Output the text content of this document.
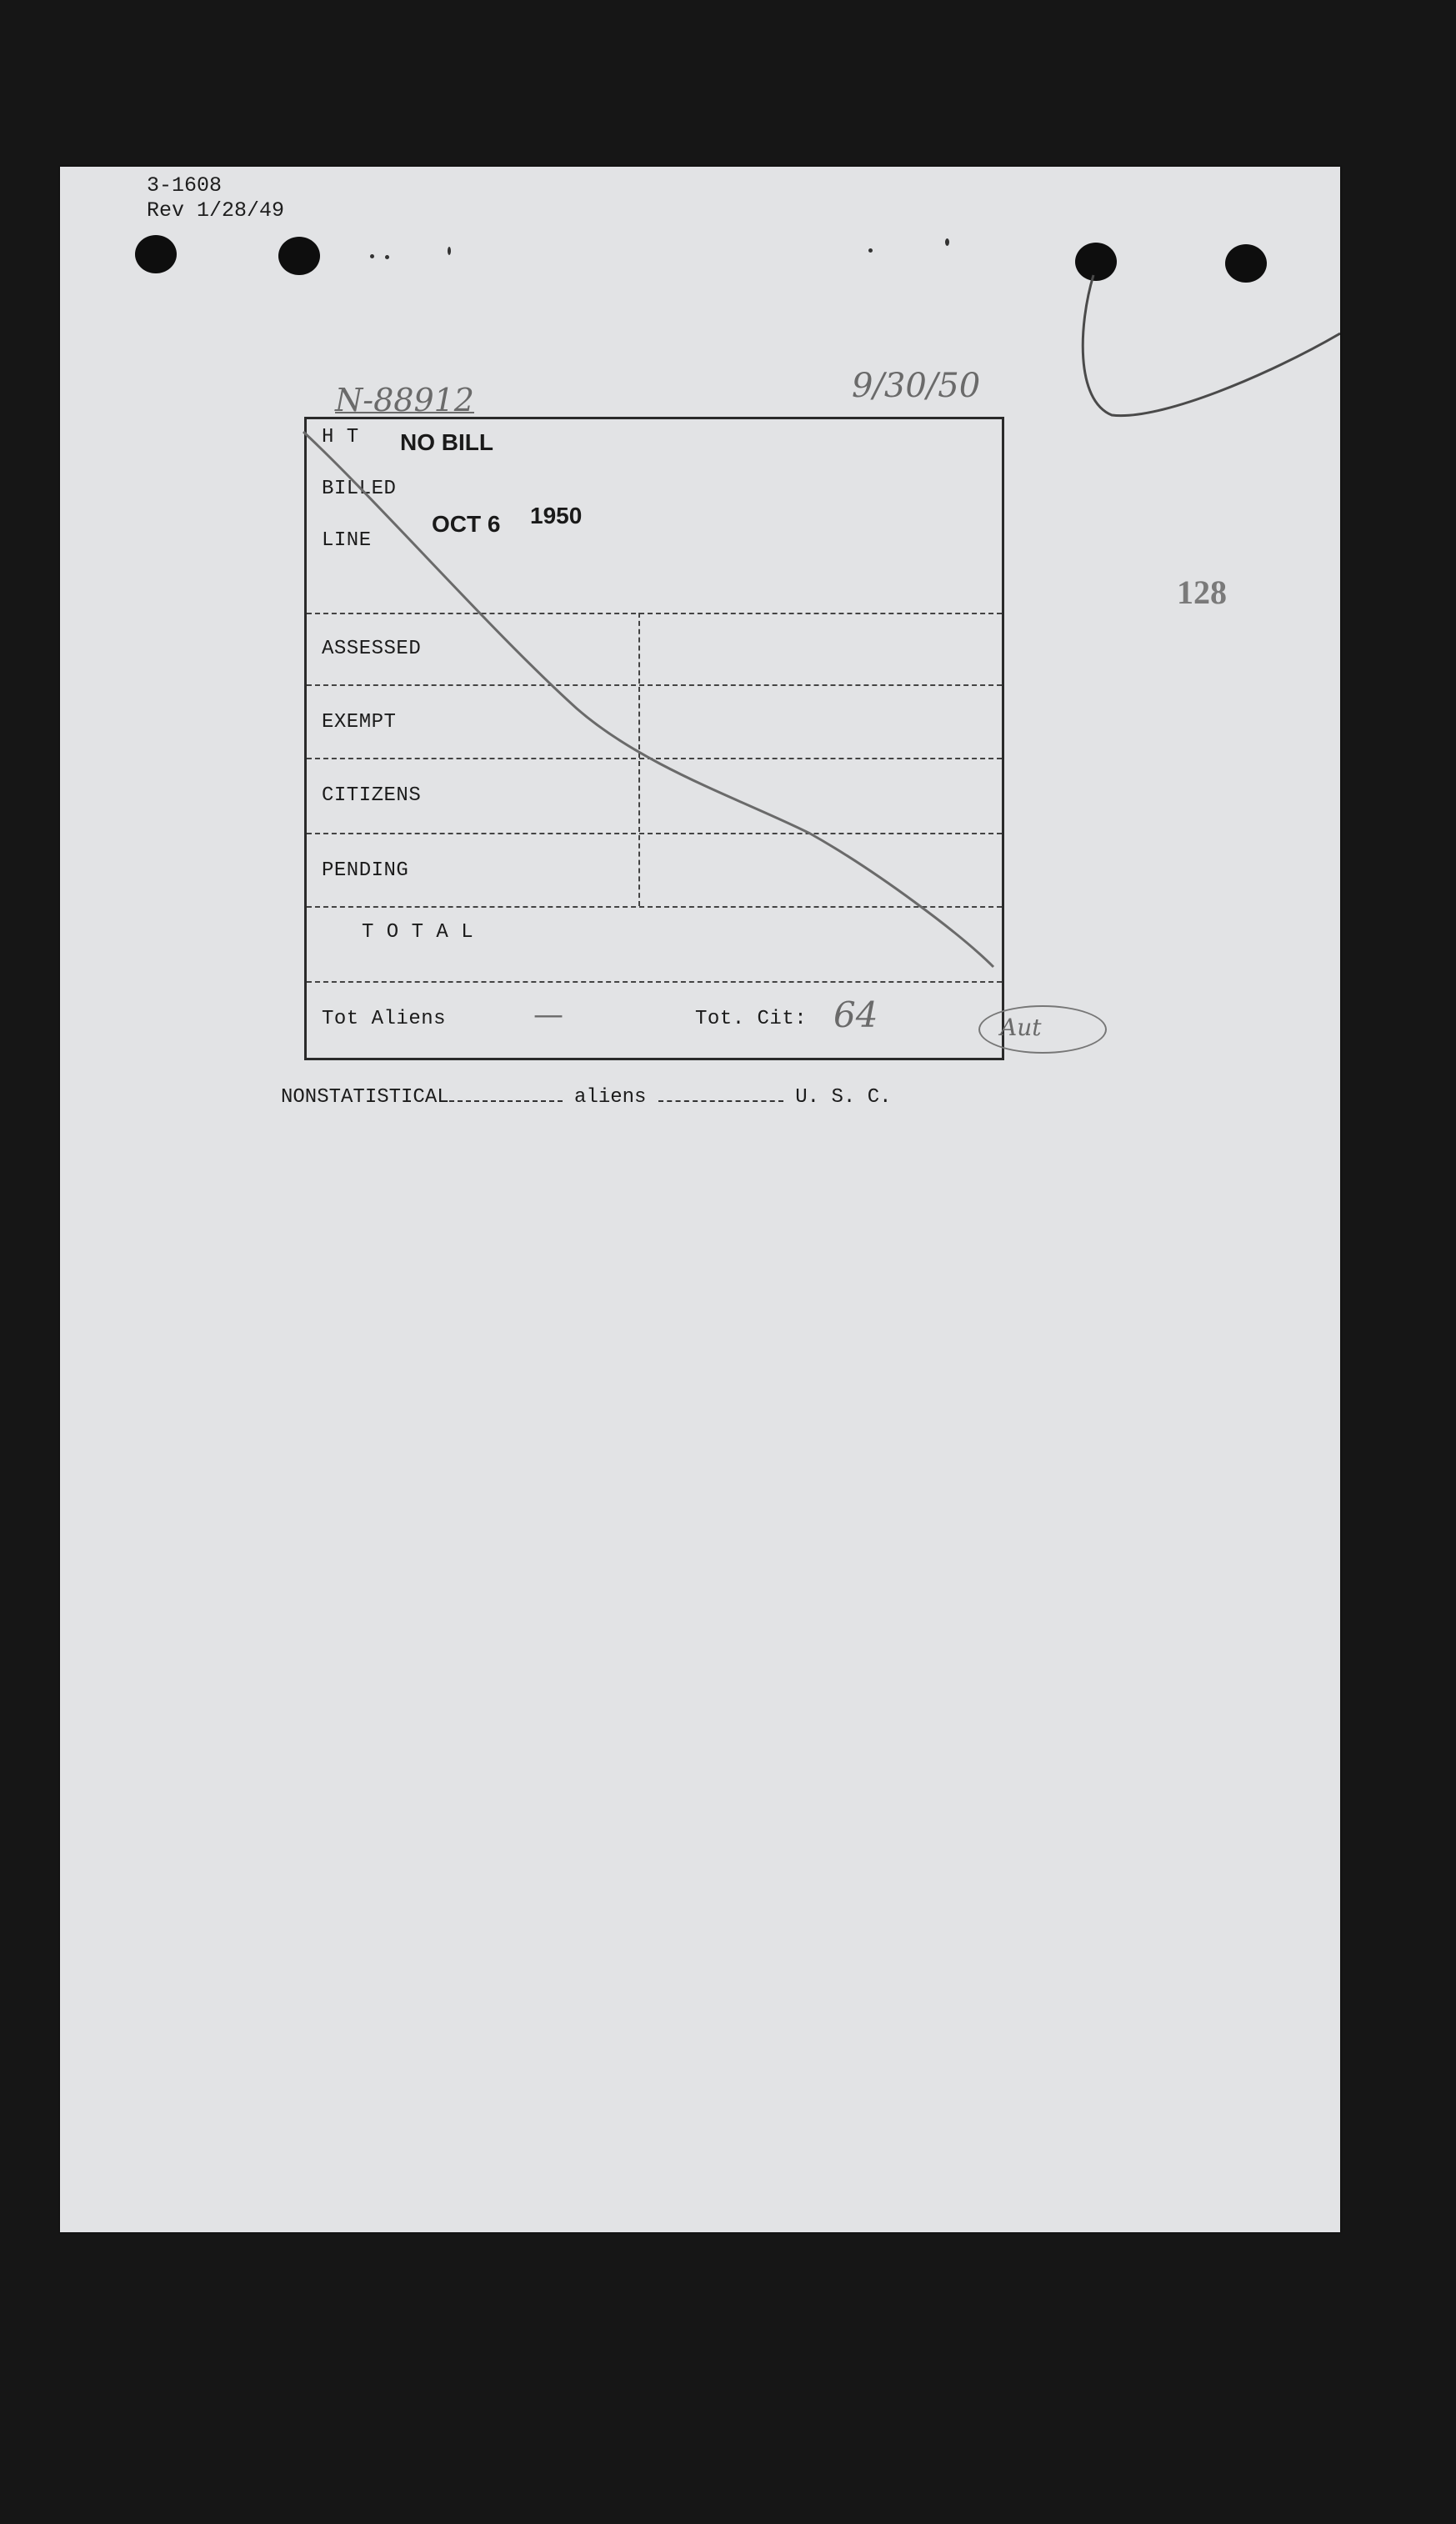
3-1608
Rev 1/28/49
N-88912	9/30/50
128
H T
BILLED
LINE
NO BILL
OCT 6 1950
ASSESSED
EXEMPT
CITIZENS
PENDING
T O T A L
Tot Aliens	—	Tot. Cit: 64	Aut
NONSTATISTICAL	aliens	U. S. C.
